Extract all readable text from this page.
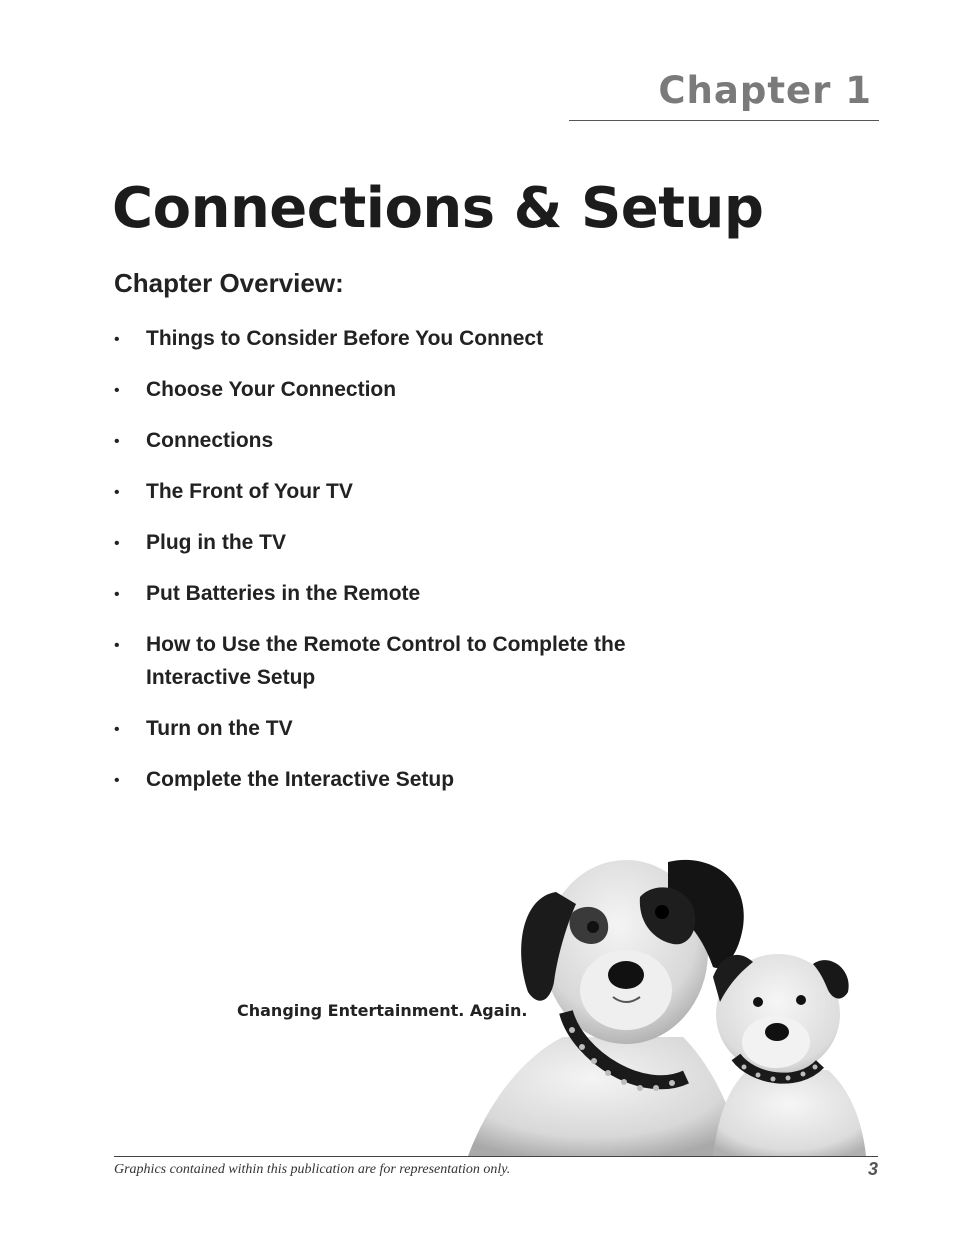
Chapter 1
Connections & Setup
Chapter Overview:
• Things to Consider Before You Connect
• Choose Your Connection
• Connections
• The Front of Your TV
• Plug in the TV
• Put Batteries in the Remote
• How to Use the Remote Control to Complete the Interactive Setup
• Turn on the TV
• Complete the Interactive Setup

Changing Entertainment. Again.

Graphics contained within this publication are for representation only.	3
